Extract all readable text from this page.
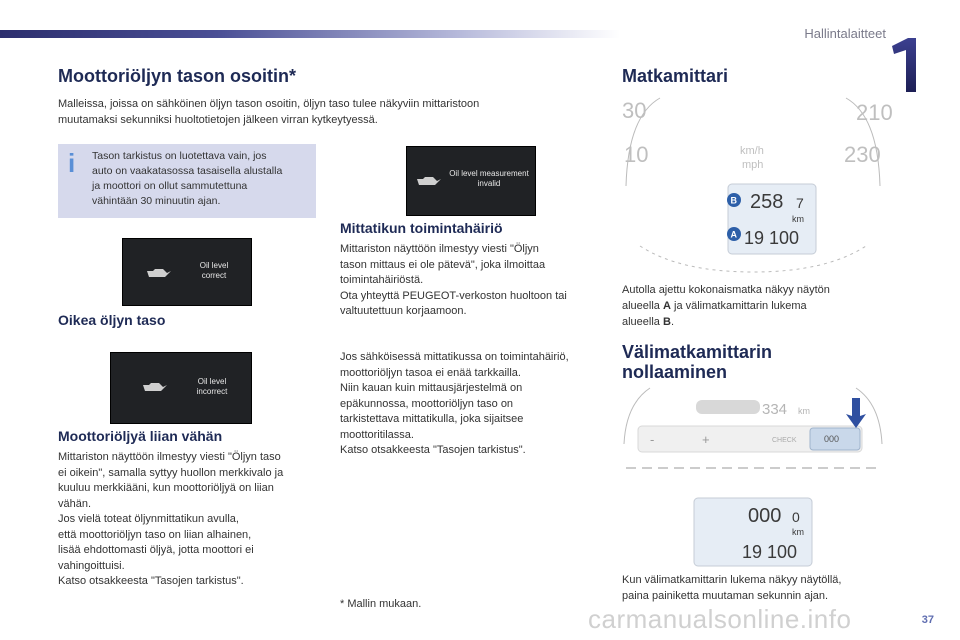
Hallintalaitteet
Moottoriöljyn tason osoitin*

Malleissa, joissa on sähköinen öljyn tason osoitin, öljyn taso tulee näkyviin mittaristoon
muutamaksi sekunniksi huoltotietojen jälkeen virran kytkeytyessä.

i Tason tarkistus on luotettava vain, jos
auto on vaakatasossa tasaisella alustalla
ja moottori on ollut sammutettuna
vähintään 30 minuutin ajan.

Oil level correct
Oikea öljyn taso
Oil level incorrect
Moottoriöljyä liian vähän

Mittariston näyttöön ilmestyy viesti "Öljyn taso
ei oikein", samalla syttyy huollon merkkivalo ja
kuuluu merkkiääni, kun moottoriöljyä on liian
vähän.
Jos vielä toteat öljynmittatikun avulla,
että moottoriöljyn taso on liian alhainen,
lisää ehdottomasti öljyä, jotta moottori ei
vahingoittuisi.
Katso otsakkeesta "Tasojen tarkistus".

Oil level measurement invalid
Mittatikun toimintahäiriö

Mittariston näyttöön ilmestyy viesti "Öljyn
tason mittaus ei ole pätevä", joka ilmoittaa
toimintahäiriöstä.
Ota yhteyttä PEUGEOT-verkoston huoltoon tai
valtuutettuun korjaamoon.

Jos sähköisessä mittatikussa on toimintahäiriö,
moottoriöljyn tasoa ei enää tarkkailla.
Niin kauan kuin mittausjärjestelmä on
epäkunnossa, moottoriöljyn taso on
tarkistettava mittatikulla, joka sijaitsee
moottoritilassa.
Katso otsakkeesta "Tasojen tarkistus".

* Mallin mukaan.

Matkamittari
30
10
210
230
km/h
mph
258 7
km
19 100
B
A

Autolla ajettu kokonaismatka näkyy näytön
alueella A ja välimatkamittarin lukema
alueella B.

Välimatkamittarin
nollaaminen
334 km
-	+	CHECK	000
000 0
km
19 100

Kun välimatkamittarin lukema näkyy näytöllä,
paina painiketta muutaman sekunnin ajan.

carmanualsonline.info	37
